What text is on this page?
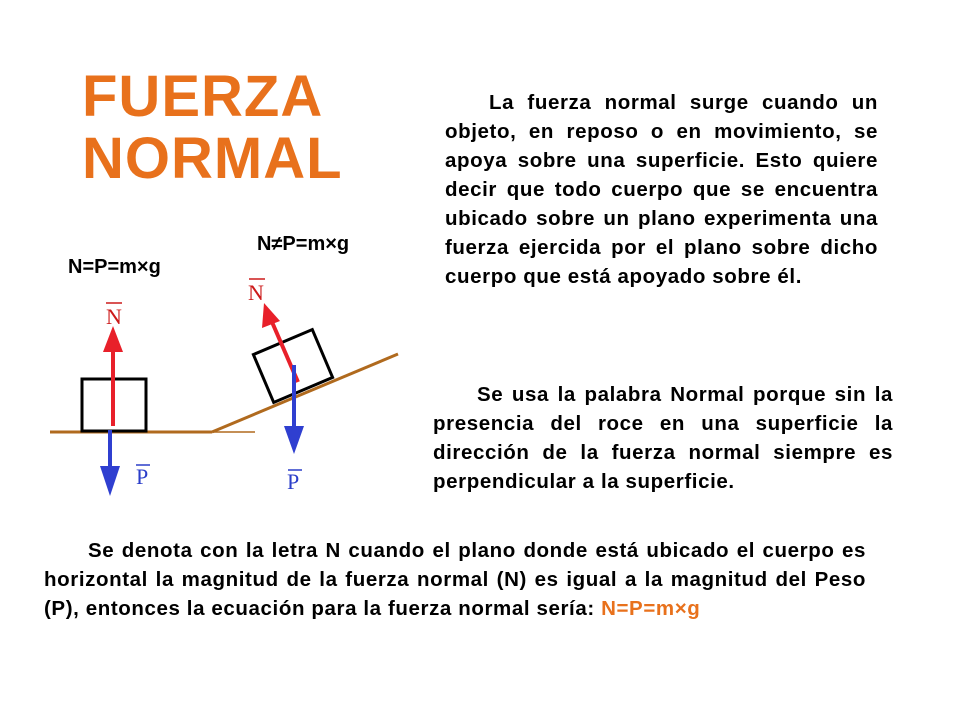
FUERZA
NORMAL

La fuerza normal surge cuando un objeto, en reposo o en movimiento, se apoya sobre una superficie. Esto quiere decir que todo cuerpo que se encuentra ubicado sobre un plano experimenta una fuerza ejercida por el plano sobre dicho cuerpo que está apoyado sobre él.

Se usa la palabra Normal porque sin la presencia del roce en una superficie la dirección de la fuerza normal siempre es perpendicular a la superficie.

Se denota con la letra N cuando el plano donde está ubicado el cuerpo es horizontal la magnitud de la fuerza normal (N) es igual a la magnitud del Peso (P), entonces la ecuación para la fuerza normal sería: N=P=m×g

N=P=m×g
N≠P=m×g
N
P
N
P
